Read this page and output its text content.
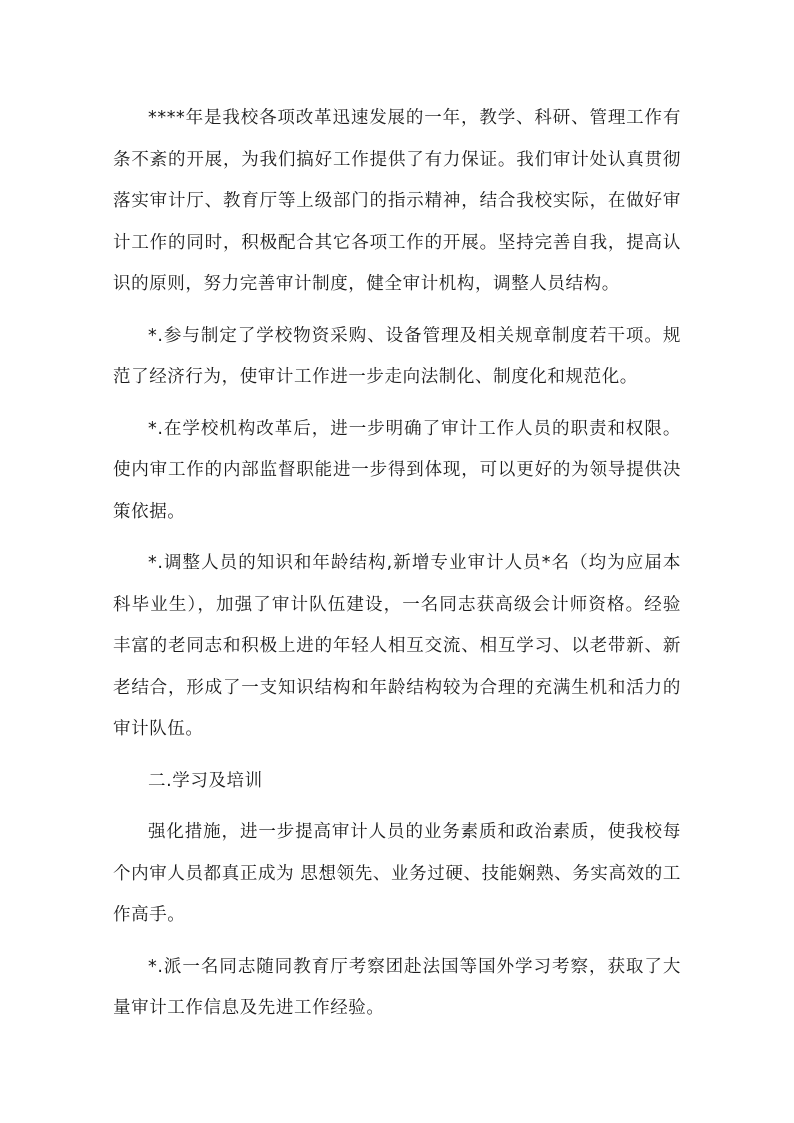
****年是我校各项改革迅速发展的一年，教学、科研、管理工作有条不紊的开展，为我们搞好工作提供了有力保证。我们审计处认真贯彻落实审计厅、教育厅等上级部门的指示精神，结合我校实际，在做好审计工作的同时，积极配合其它各项工作的开展。坚持完善自我，提高认识的原则，努力完善审计制度，健全审计机构，调整人员结构。

*.参与制定了学校物资采购、设备管理及相关规章制度若干项。规范了经济行为，使审计工作进一步走向法制化、制度化和规范化。

*.在学校机构改革后，进一步明确了审计工作人员的职责和权限。使内审工作的内部监督职能进一步得到体现，可以更好的为领导提供决策依据。

*.调整人员的知识和年龄结构,新增专业审计人员*名（均为应届本科毕业生），加强了审计队伍建设，一名同志获高级会计师资格。经验丰富的老同志和积极上进的年轻人相互交流、相互学习、以老带新、新老结合，形成了一支知识结构和年龄结构较为合理的充满生机和活力的审计队伍。

二.学习及培训

强化措施，进一步提高审计人员的业务素质和政治素质，使我校每个内审人员都真正成为 思想领先、业务过硬、技能娴熟、务实高效的工作高手。

*.派一名同志随同教育厅考察团赴法国等国外学习考察，获取了大量审计工作信息及先进工作经验。
